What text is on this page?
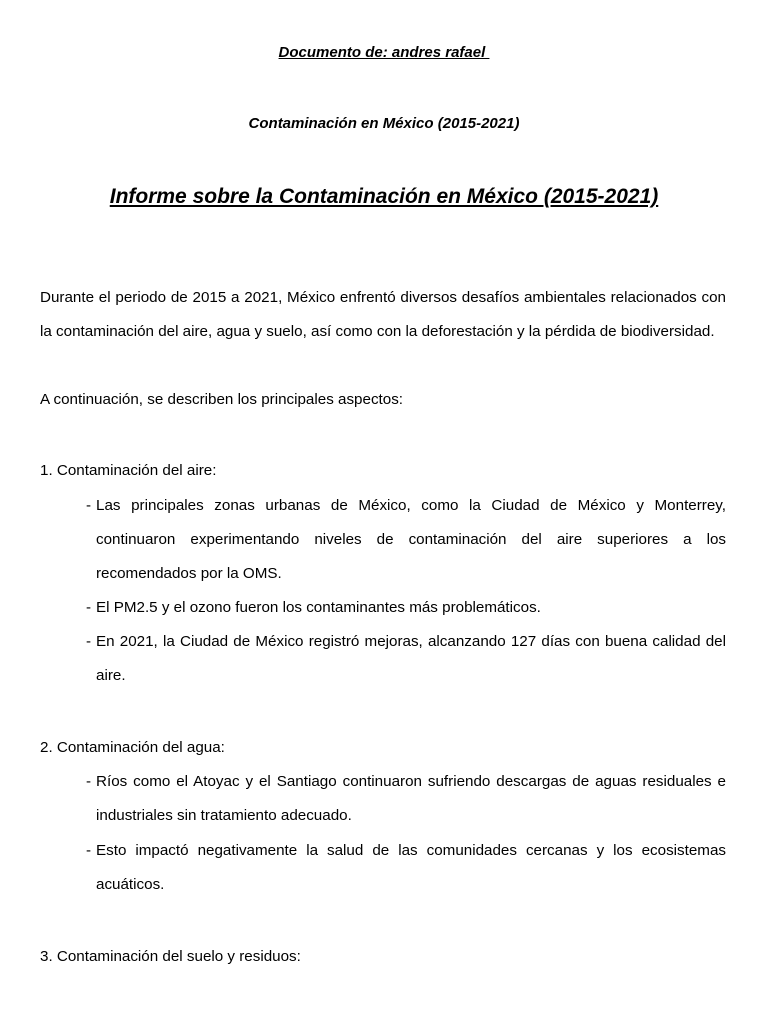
Documento de: andres rafael
Contaminación en México (2015-2021)
Informe sobre la Contaminación en México (2015-2021)
Durante el periodo de 2015 a 2021, México enfrentó diversos desafíos ambientales relacionados con la contaminación del aire, agua y suelo, así como con la deforestación y la pérdida de biodiversidad.
A continuación, se describen los principales aspectos:
1. Contaminación del aire:
- Las principales zonas urbanas de México, como la Ciudad de México y Monterrey, continuaron experimentando niveles de contaminación del aire superiores a los recomendados por la OMS.
- El PM2.5 y el ozono fueron los contaminantes más problemáticos.
- En 2021, la Ciudad de México registró mejoras, alcanzando 127 días con buena calidad del aire.
2. Contaminación del agua:
- Ríos como el Atoyac y el Santiago continuaron sufriendo descargas de aguas residuales e industriales sin tratamiento adecuado.
- Esto impactó negativamente la salud de las comunidades cercanas y los ecosistemas acuáticos.
3. Contaminación del suelo y residuos:
